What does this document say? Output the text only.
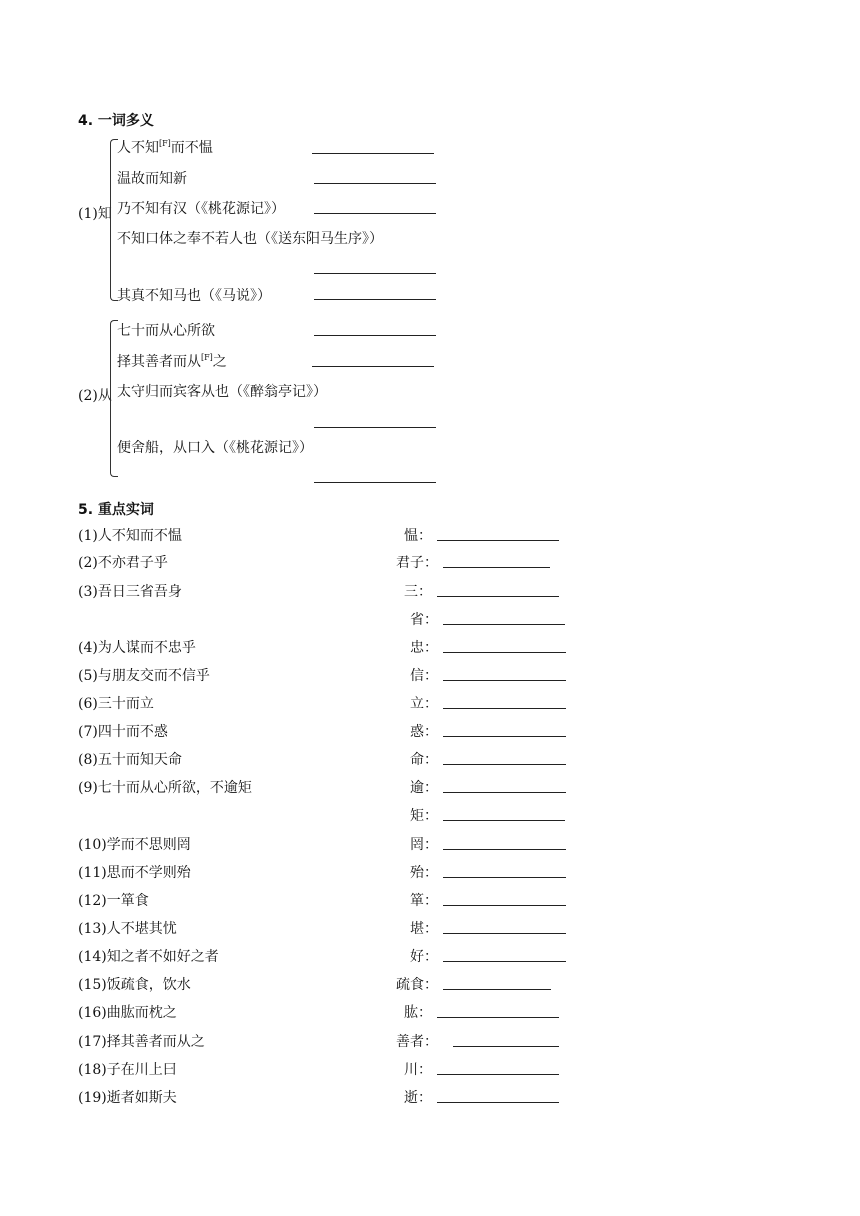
4. 一词多义
(1)知
人不知[F]而不愠
温故而知新
乃不知有汉（《桃花源记》）
不知口体之奉不若人也（《送东阳马生序》）
其真不知马也（《马说》）
(2)从
七十而从心所欲
择其善者而从[F]之
太守归而宾客从也（《醉翁亭记》）
便舍船，从口入（《桃花源记》）
5. 重点实词
(1)人不知而不愠	愠：
(2)不亦君子乎	君子：
(3)吾日三省吾身	三：
省：
(4)为人谋而不忠乎	忠：
(5)与朋友交而不信乎	信：
(6)三十而立	立：
(7)四十而不惑	惑：
(8)五十而知天命	命：
(9)七十而从心所欲，不逾矩	逾：
矩：
(10)学而不思则罔	罔：
(11)思而不学则殆	殆：
(12)一箪食	箪：
(13)人不堪其忧	堪：
(14)知之者不如好之者	好：
(15)饭疏食，饮水	疏食：
(16)曲肱而枕之	肱：
(17)择其善者而从之	善者：
(18)子在川上曰	川：
(19)逝者如斯夫	逝：
